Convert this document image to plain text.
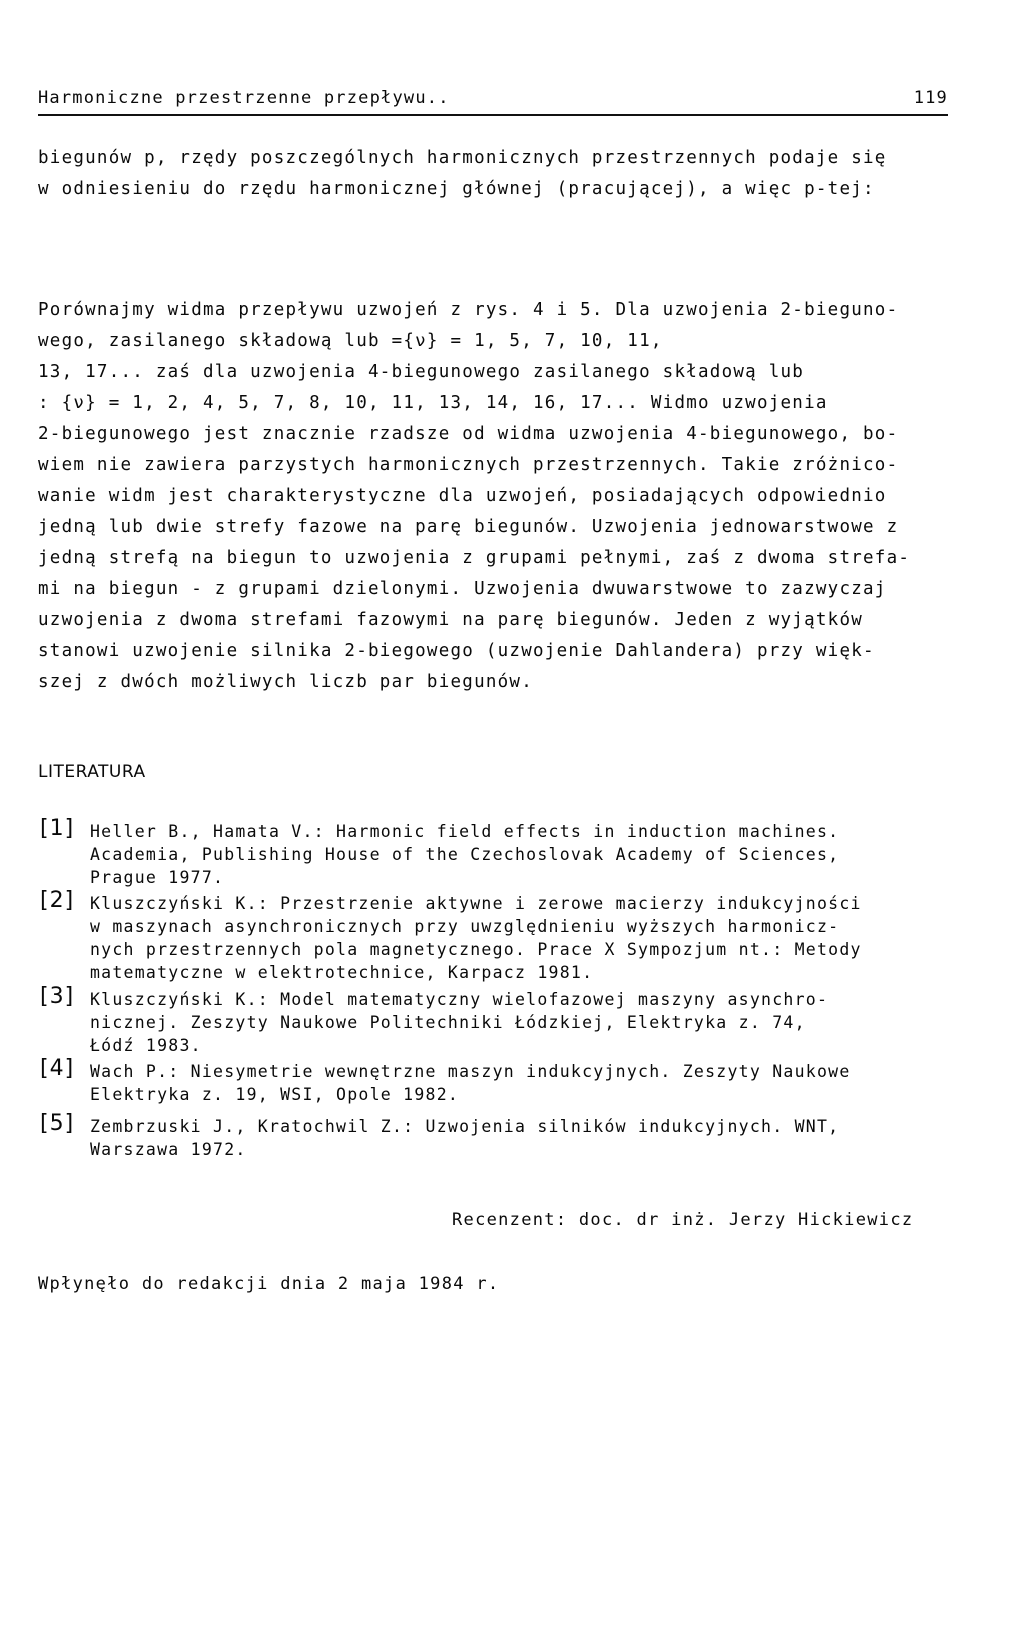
Harmoniczne przestrzenne przepływu..	119
biegunów p, rzędy poszczególnych harmonicznych przestrzennych podaje się
w odniesieniu do rzędu harmonicznej głównej (pracującej), a więc p-tej:
Porównajmy widma przepływu uzwojeń z rys. 4 i 5. Dla uzwojenia 2-bieguno-
wego, zasilanego składową lub ={ν} = 1, 5, 7, 10, 11,
13, 17... zaś dla uzwojenia 4-biegunowego zasilanego składową lub
: {ν} = 1, 2, 4, 5, 7, 8, 10, 11, 13, 14, 16, 17... Widmo uzwojenia
2-biegunowego jest znacznie rzadsze od widma uzwojenia 4-biegunowego, bo-
wiem nie zawiera parzystych harmonicznych przestrzennych. Takie zróżnico-
wanie widm jest charakterystyczne dla uzwojeń, posiadających odpowiednio
jedną lub dwie strefy fazowe na parę biegunów. Uzwojenia jednowarstwowe z
jedną strefą na biegun to uzwojenia z grupami pełnymi, zaś z dwoma strefa-
mi na biegun - z grupami dzielonymi. Uzwojenia dwuwarstwowe to zazwyczaj
uzwojenia z dwoma strefami fazowymi na parę biegunów. Jeden z wyjątków
stanowi uzwojenie silnika 2-biegowego (uzwojenie Dahlandera) przy więk-
szej z dwóch możliwych liczb par biegunów.
LITERATURA
[1] Heller B., Hamata V.: Harmonic field effects in induction machines.
Academia, Publishing House of the Czechoslovak Academy of Sciences,
Prague 1977.
[2] Kluszczyński K.: Przestrzenie aktywne i zerowe macierzy indukcyjności
w maszynach asynchronicznych przy uwzględnieniu wyższych harmonicz-
nych przestrzennych pola magnetycznego. Prace X Sympozjum nt.: Metody
matematyczne w elektrotechnice, Karpacz 1981.
[3] Kluszczyński K.: Model matematyczny wielofazowej maszyny asynchro-
nicznej. Zeszyty Naukowe Politechniki Łódzkiej, Elektryka z. 74,
Łódź 1983.
[4] Wach P.: Niesymetrie wewnętrzne maszyn indukcyjnych. Zeszyty Naukowe
Elektryka z. 19, WSI, Opole 1982.
[5] Zembrzuski J., Kratochwil Z.: Uzwojenia silników indukcyjnych. WNT,
Warszawa 1972.
Recenzent: doc. dr inż. Jerzy Hickiewicz
Wpłynęło do redakcji dnia 2 maja 1984 r.
